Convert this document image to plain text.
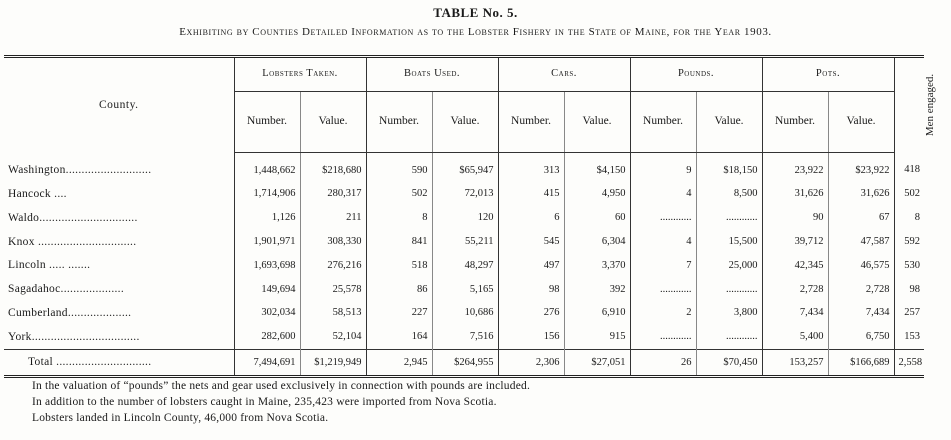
TABLE No. 5.
Exhibiting by Counties Detailed Information as to the Lobster Fishery in the State of Maine, for the Year 1903.
County.	Lobsters Taken.		Boats Used.		Cars.		Pounds.		Pots.		Men engaged.
	Number.	Value.	Number.	Value.	Number.	Value.	Number.	Value.	Number.	Value.	
Washington...........................	1,448,662	$218,680	590	$65,947	313	$4,150	9	$18,150	23,922	$23,922	418
Hancock ....	1,714,906	280,317	502	72,013	415	4,950	4	8,500	31,626	31,626	502
Waldo...............................	1,126	211	8	120	6	60	............	............	90	67	8
Knox ...............................	1,901,971	308,330	841	55,211	545	6,304	4	15,500	39,712	47,587	592
Lincoln ..... .......	1,693,698	276,216	518	48,297	497	3,370	7	25,000	42,345	46,575	530
Sagadahoc....................	149,694	25,578	86	5,165	98	392	............	............	2,728	2,728	98
Cumberland....................	302,034	58,513	227	10,686	276	6,910	2	3,800	7,434	7,434	257
York..................................	282,600	52,104	164	7,516	156	915	............	............	5,400	6,750	153
Total ..............................	7,494,691	$1,219,949	2,945	$264,955	2,306	$27,051	26	$70,450	153,257	$166,689	2,558
In the valuation of “pounds” the nets and gear used exclusively in connection with pounds are included.
In addition to the number of lobsters caught in Maine, 235,423 were imported from Nova Scotia.
Lobsters landed in Lincoln County, 46,000 from Nova Scotia.
